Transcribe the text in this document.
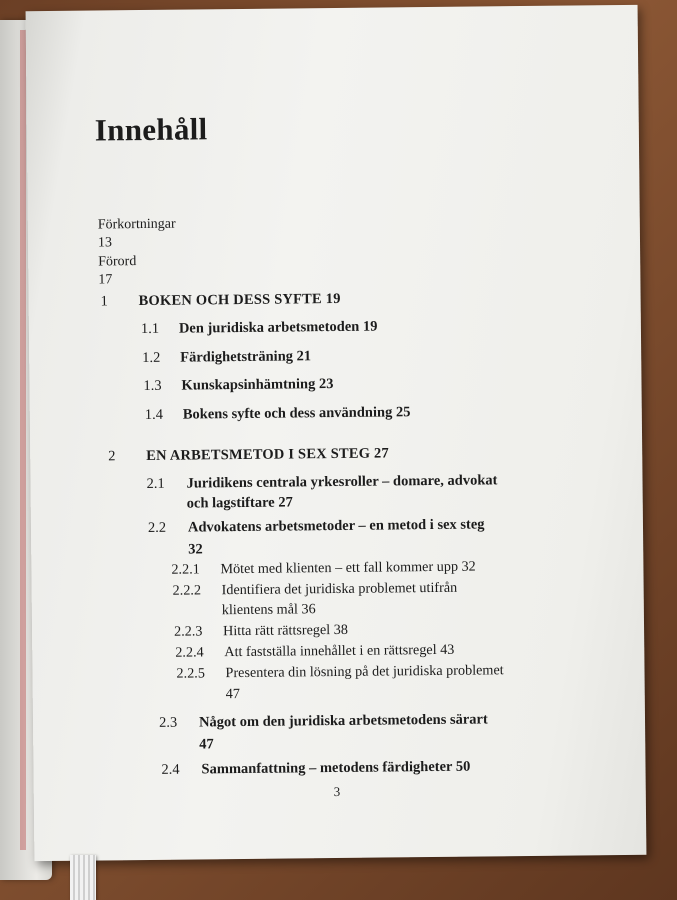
Innehåll
Förkortningar 13
Förord 17
1 BOKEN OCH DESS SYFTE 19
1.1 Den juridiska arbetsmetoden 19
1.2 Färdighetsträning 21
1.3 Kunskapsinhämtning 23
1.4 Bokens syfte och dess användning 25
2 EN ARBETSMETOD I SEX STEG 27
2.1 Juridikens centrala yrkesroller – domare, advokat
och lagstiftare 27
2.2 Advokatens arbetsmetoder – en metod i sex steg
32
2.2.1 Mötet med klienten – ett fall kommer upp 32
2.2.2 Identifiera det juridiska problemet utifrån
klientens mål 36
2.2.3 Hitta rätt rättsregel 38
2.2.4 Att fastställa innehållet i en rättsregel 43
2.2.5 Presentera din lösning på det juridiska problemet
47
2.3 Något om den juridiska arbetsmetodens särart
47
2.4 Sammanfattning – metodens färdigheter 50
3
